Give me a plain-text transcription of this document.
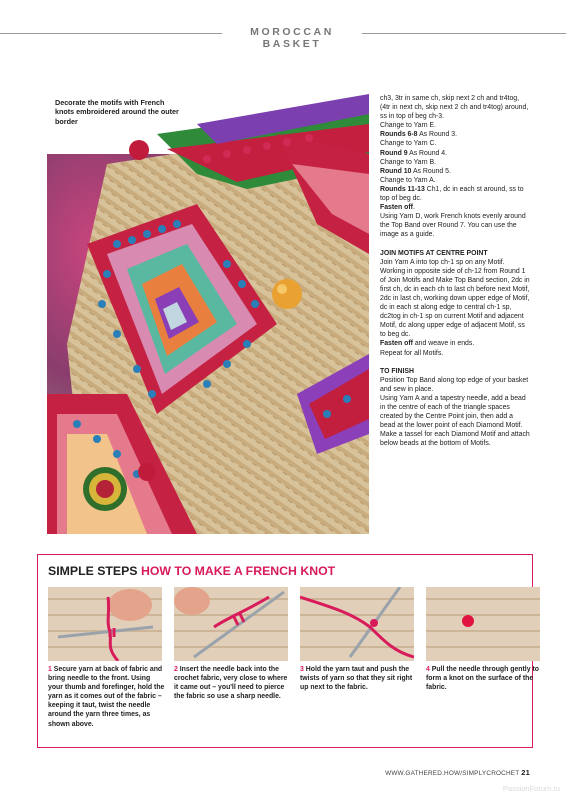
MOROCCAN BASKET
Decorate the motifs with French knots embroidered around the outer border

ch3, 3tr in same ch, skip next 2 ch and tr4tog, (4tr in next ch, skip next 2 ch and tr4tog) around, ss in top of beg ch-3.

Change to Yarn E.

Rounds 6-8 As Round 3.

Change to Yarn C.

Round 9 As Round 4.

Change to Yarn B.

Round 10 As Round 5.

Change to Yarn A.

Rounds 11-13 Ch1, dc in each st around, ss to top of beg dc.

Fasten off.

Using Yarn D, work French knots evenly around the Top Band over Round 7. You can use the image as a guide.

JOIN MOTIFS AT CENTRE POINT

Join Yarn A into top ch-1 sp on any Motif. Working in opposite side of ch-12 from Round 1 of Join Motifs and Make Top Band section, 2dc in first ch, dc in each ch to last ch before next Motif, 2dc in last ch, working down upper edge of Motif, dc in each st along edge to central ch-1 sp, dc2tog in ch-1 sp on current Motif and adjacent Motif, dc along upper edge of adjacent Motif, ss to beg dc.

Fasten off and weave in ends.

Repeat for all Motifs.

TO FINISH

Position Top Band along top edge of your basket and sew in place.

Using Yarn A and a tapestry needle, add a bead in the centre of each of the triangle spaces created by the Centre Point join, then add a bead at the lower point of each Diamond Motif. Make a tassel for each Diamond Motif and attach below beads at the bottom of Motifs.

SIMPLE STEPS HOW TO MAKE A FRENCH KNOT
1 Secure yarn at back of fabric and bring needle to the front. Using your thumb and forefinger, hold the yarn as it comes out of the fabric – keeping it taut, twist the needle around the yarn three times, as shown above.
2 Insert the needle back into the crochet fabric, very close to where it came out – you'll need to pierce the fabric so use a sharp needle.
3 Hold the yarn taut and push the twists of yarn so that they sit right up next to the fabric.
4 Pull the needle through gently to form a knot on the surface of the fabric.
WWW.GATHERED.HOW/SIMPLYCROCHET 21
PassionForum.ru
